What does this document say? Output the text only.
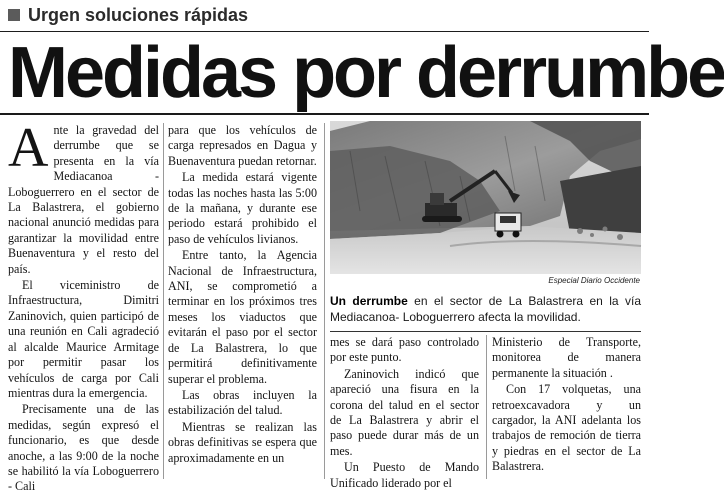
Urgen soluciones rápidas
Medidas por derrumbe

Ante la gravedad del derrumbe que se presenta en la vía Mediacanoa -Loboguerrero en el sector de La Balastrera, el gobierno nacional anunció medidas para garantizar la movilidad entre Buenaventura y el resto del país.

El viceministro de Infraestructura, Dimitri Zaninovich, quien participó de una reunión en Cali agradeció al alcalde Maurice Armitage por permitir pasar los vehículos de carga por Cali mientras dura la emergencia.

Precisamente una de las medidas, según expresó el funcionario, es que desde anoche, a las 9:00 de la noche se habilitó la vía Loboguerrero - Cali

para que los vehículos de carga represados en Dagua y Buenaventura puedan retornar.

La medida estará vigente todas las noches hasta las 5:00 de la mañana, y durante ese periodo estará prohibido el paso de vehículos livianos.

Entre tanto, la Agencia Nacional de Infraestructura, ANI, se comprometió a terminar en los próximos tres meses los viaductos que evitarán el paso por el sector de La Balastrera, lo que permitirá definitivamente superar el problema.

Las obras incluyen la estabilización del talud.

Mientras se realizan las obras definitivas se espera que aproximadamente en un

Especial Diario Occidente
Un derrumbe en el sector de La Balastrera en la vía Mediacanoa- Loboguerrero afecta la movilidad.

mes se dará paso controlado por este punto.

Zaninovich indicó que apareció una fisura en la corona del talud en el sector de La Balastrera y abrir el paso puede durar más de un mes.

Un Puesto de Mando Unificado liderado por el

Ministerio de Transporte, monitorea de manera permanente la situación .

Con 17 volquetas, una retroexcavadora y un cargador, la ANI adelanta los trabajos de remoción de tierra y piedras en el sector de La Balastrera.
